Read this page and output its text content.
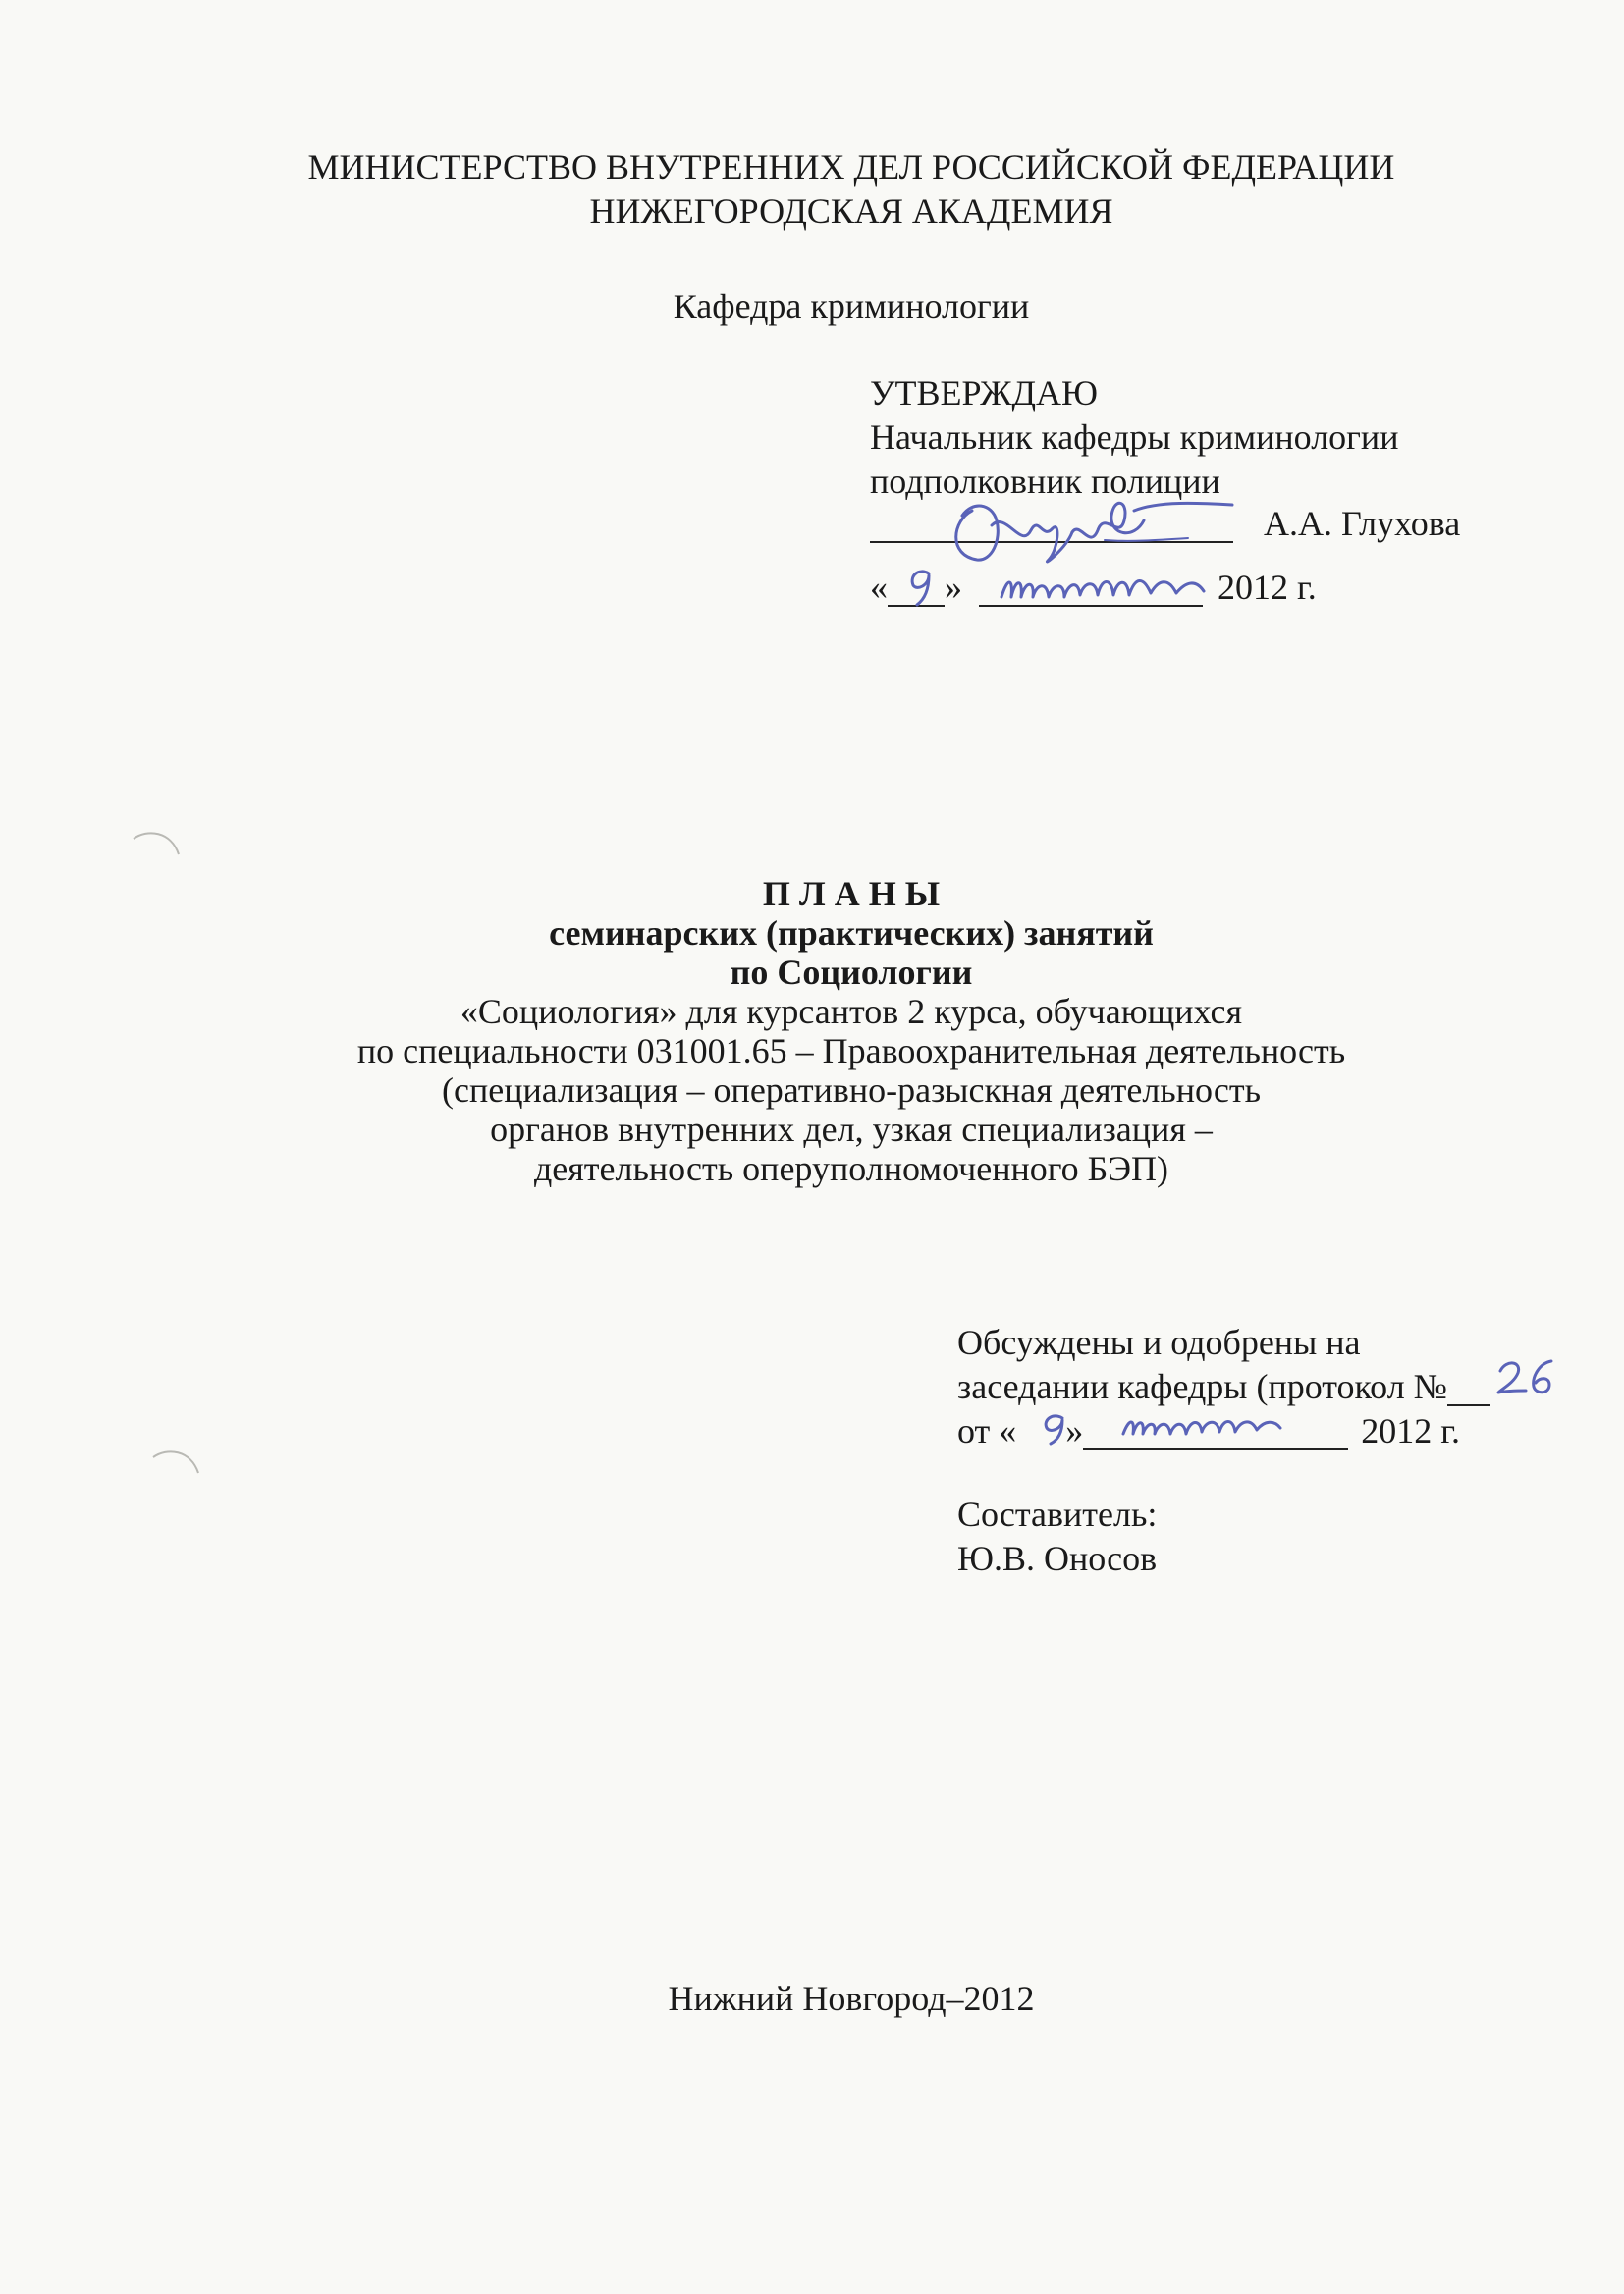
МИНИСТЕРСТВО ВНУТРЕННИХ ДЕЛ РОССИЙСКОЙ ФЕДЕРАЦИИ
НИЖЕГОРОДСКАЯ АКАДЕМИЯ
Кафедра криминологии
УТВЕРЖДАЮ
Начальник кафедры криминологии
подполковник полиции
А.А. Глухова
« »	2012 г.
П Л А Н Ы
семинарских (практических) занятий
по Социологии
«Социология» для курсантов 2 курса, обучающихся
по специальности 031001.65 – Правоохранительная деятельность
(специализация – оперативно-разыскная деятельность
органов внутренних дел, узкая специализация –
деятельность оперуполномоченного БЭП)
Обсуждены и одобрены на
заседании кафедры (протокол №
от « »	2012 г.
Составитель:
Ю.В. Оносов
Нижний Новгород–2012
